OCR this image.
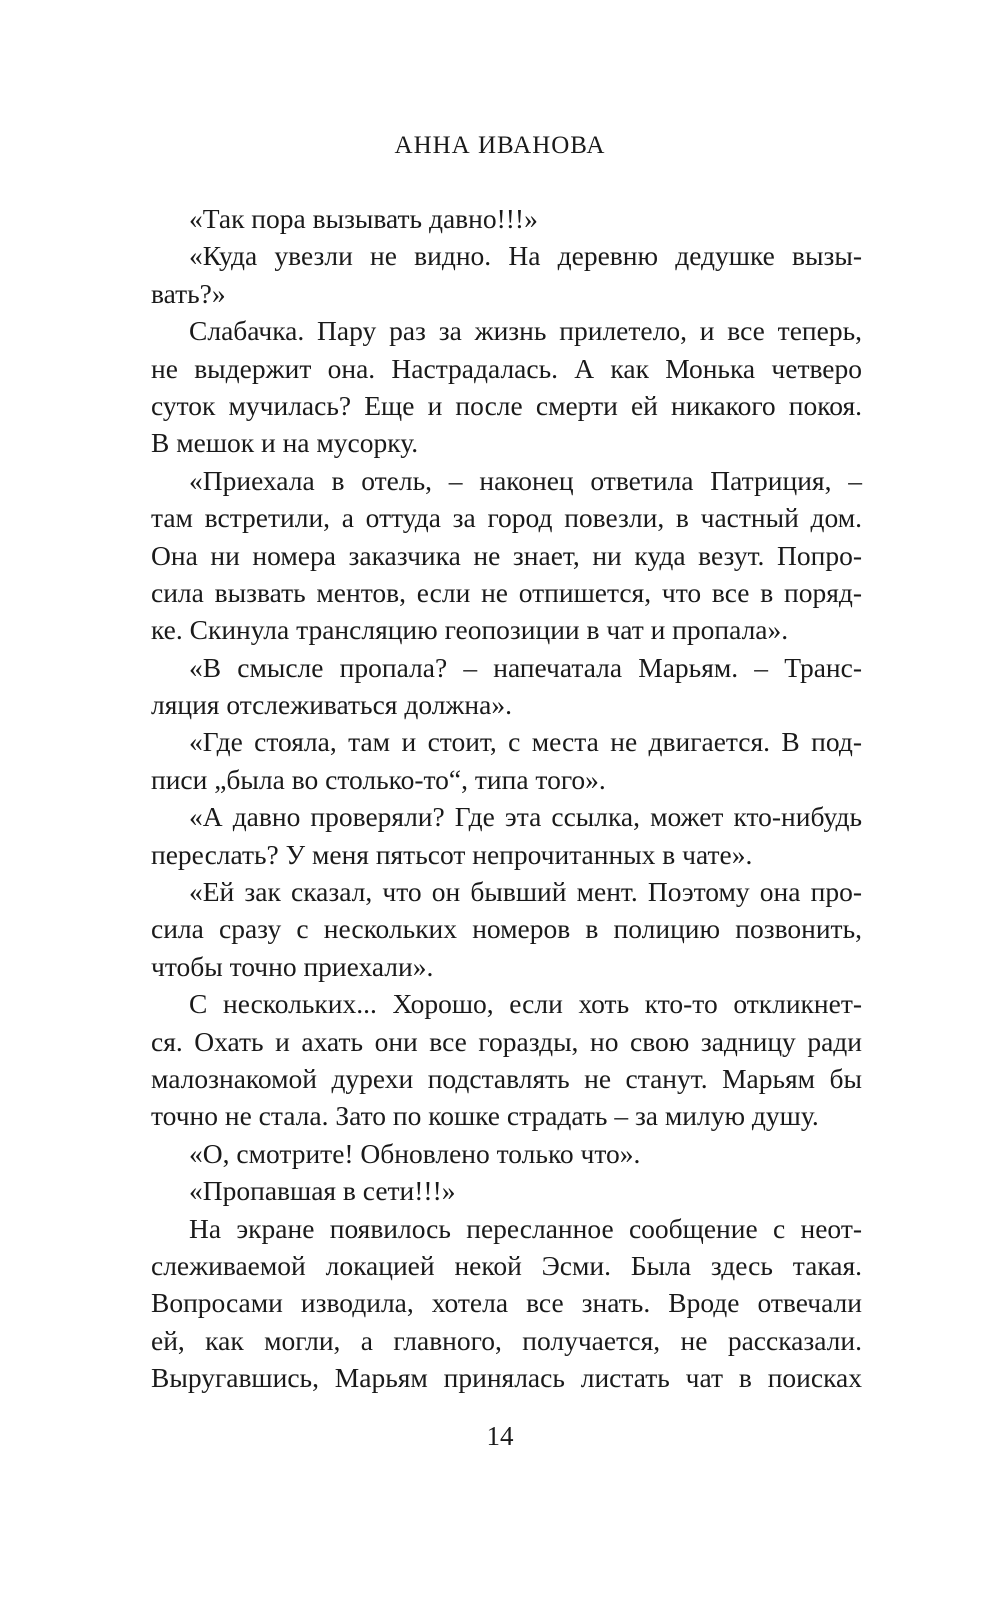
АННА ИВАНОВА
«Так пора вызывать давно!!!»
«Куда увезли не видно. На деревню дедушке вызы-
вать?»
Слабачка. Пару раз за жизнь прилетело, и все теперь,
не выдержит она. Настрадалась. А как Монька четверо
суток мучилась? Еще и после смерти ей никакого покоя.
В мешок и на мусорку.
«Приехала в отель, – наконец ответила Патриция, –
там встретили, а оттуда за город повезли, в частный дом.
Она ни номера заказчика не знает, ни куда везут. Попро-
сила вызвать ментов, если не отпишется, что все в поряд-
ке. Скинула трансляцию геопозиции в чат и пропала».
«В смысле пропала? – напечатала Марьям. – Транс-
ляция отслеживаться должна».
«Где стояла, там и стоит, с места не двигается. В под-
писи „была во столько-то“, типа того».
«А давно проверяли? Где эта ссылка, может кто-нибудь
переслать? У меня пятьсот непрочитанных в чате».
«Ей зак сказал, что он бывший мент. Поэтому она про-
сила сразу с нескольких номеров в полицию позвонить,
чтобы точно приехали».
С нескольких... Хорошо, если хоть кто-то откликнет-
ся. Охать и ахать они все горазды, но свою задницу ради
малознакомой дурехи подставлять не станут. Марьям бы
точно не стала. Зато по кошке страдать – за милую душу.
«О, смотрите! Обновлено только что».
«Пропавшая в сети!!!»
На экране появилось пересланное сообщение с неот-
слеживаемой локацией некой Эсми. Была здесь такая.
Вопросами изводила, хотела все знать. Вроде отвечали
ей, как могли, а главного, получается, не рассказали.
Выругавшись, Марьям принялась листать чат в поисках
14
